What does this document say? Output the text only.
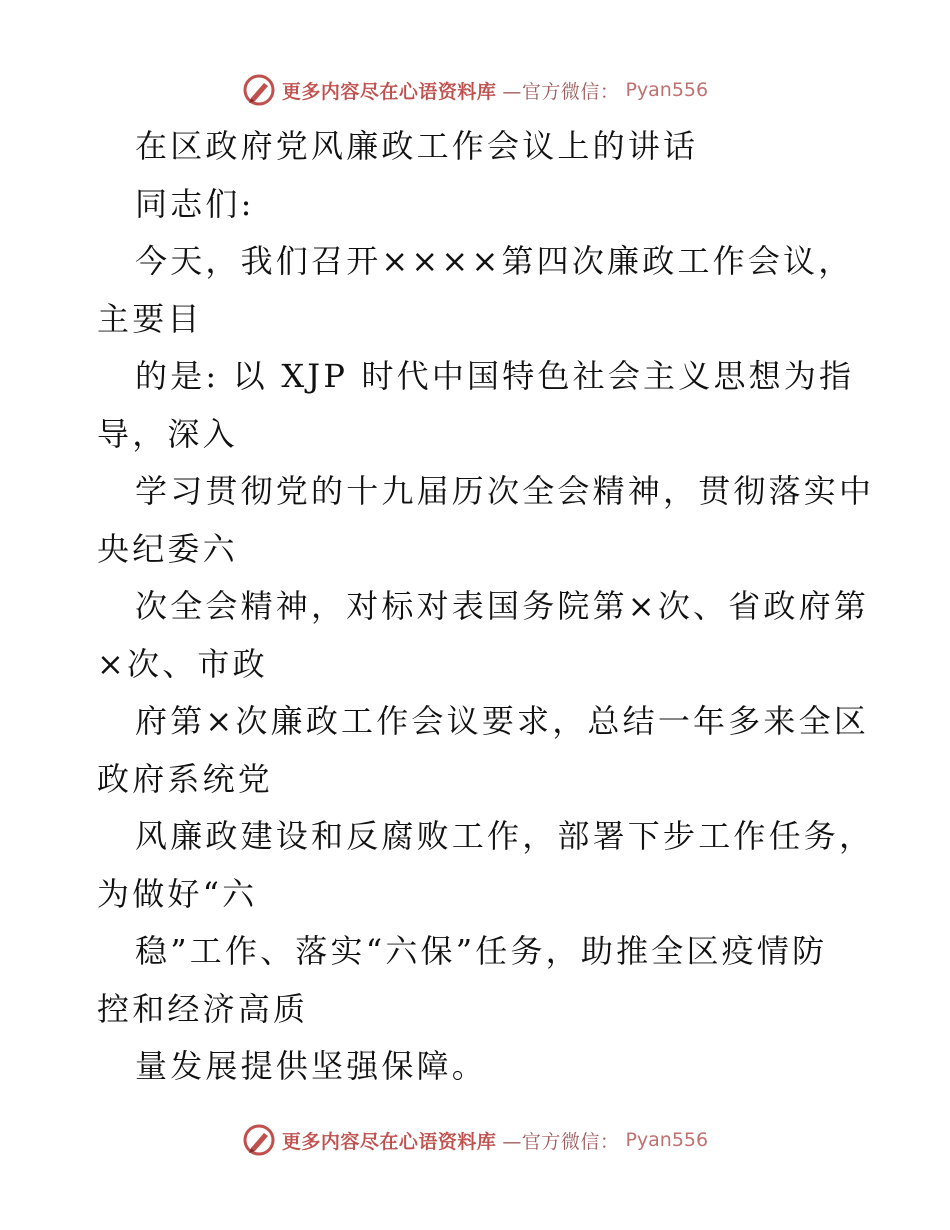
更多内容尽在心语资料库 —官方微信： Pyan556

在区政府党风廉政工作会议上的讲话

同志们:

今天，我们召开××××第四次廉政工作会议，

主要目

的是: 以 XJP 时代中国特色社会主义思想为指

导，深入

学习贯彻党的十九届历次全会精神，贯彻落实中

央纪委六

次全会精神，对标对表国务院第×次、省政府第

×次、市政

府第×次廉政工作会议要求，总结一年多来全区

政府系统党

风廉政建设和反腐败工作，部署下步工作任务，

为做好“六

稳”工作、落实“六保”任务，助推全区疫情防

控和经济高质

量发展提供坚强保障。

更多内容尽在心语资料库 —官方微信： Pyan556
